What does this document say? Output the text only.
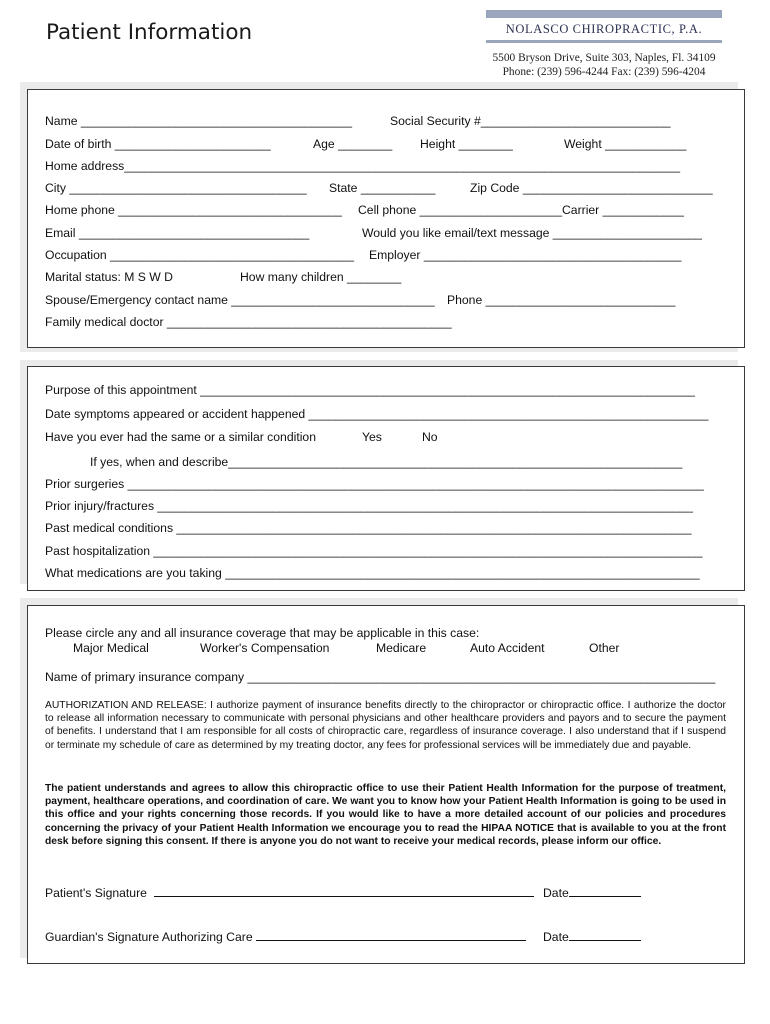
Patient Information	NOLASCO CHIROPRACTIC, P.A.
5500 Bryson Drive, Suite 303, Naples, Fl. 34109
Phone: (239) 596-4244 Fax: (239) 596-4204
Name ________________________________________	Social Security #____________________________
Date of birth _______________________	Age ________ Height ________	Weight ____________
Home address__________________________________________________________________________________
City ___________________________________ State ___________	Zip Code ____________________________
Home phone _________________________________ Cell phone _____________________Carrier ____________
Email __________________________________	Would you like email/text message ______________________
Occupation ____________________________________ Employer ______________________________________
Marital status: M S W D	How many children ________
Spouse/Emergency contact name ______________________________ Phone ____________________________
Family medical doctor __________________________________________
Purpose of this appointment _________________________________________________________________________
Date symptoms appeared or accident happened ___________________________________________________________
Have you ever had the same or a similar condition	Yes	No
If yes, when and describe___________________________________________________________________
Prior surgeries _____________________________________________________________________________________
Prior injury/fractures _______________________________________________________________________________
Past medical conditions ____________________________________________________________________________
Past hospitalization _________________________________________________________________________________
What medications are you taking ______________________________________________________________________
Please circle any and all insurance coverage that may be applicable in this case:
Major Medical	Worker's Compensation	Medicare	Auto Accident	Other
Name of primary insurance company _____________________________________________________________________
AUTHORIZATION AND RELEASE: I authorize payment of insurance benefits directly to the chiropractor or chiropractic office. I authorize the doctor to release all information necessary to communicate with personal physicians and other healthcare providers and payors and to secure the payment of benefits. I understand that I am responsible for all costs of chiropractic care, regardless of insurance coverage. I also understand that if I suspend or terminate my schedule of care as determined by my treating doctor, any fees for professional services will be immediately due and payable.
The patient understands and agrees to allow this chiropractic office to use their Patient Health Information for the purpose of treatment, payment, healthcare operations, and coordination of care. We want you to know how your Patient Health Information is going to be used in this office and your rights concerning those records. If you would like to have a more detailed account of our policies and procedures concerning the privacy of your Patient Health Information we encourage you to read the HIPAA NOTICE that is available to you at the front desk before signing this consent. If there is anyone you do not want to receive your medical records, please inform our office.
Patient's Signature	Date
Guardian's Signature Authorizing Care	Date
